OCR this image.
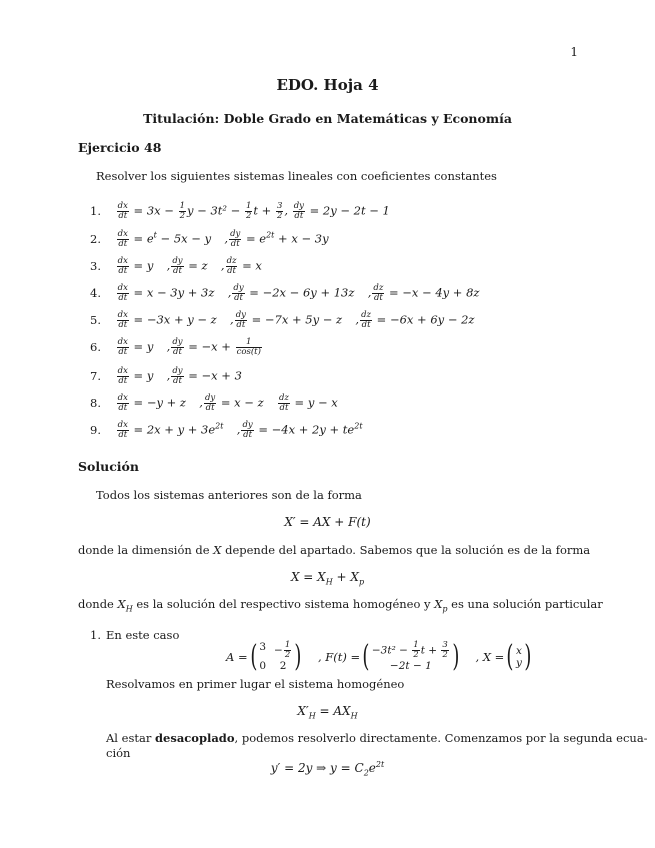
1
EDO. Hoja 4
Titulación: Doble Grado en Matemáticas y Economía
Ejercicio 48
Resolver los siguientes sistemas lineales con coeficientes constantes
1. $\frac{dx}{dt} = 3x - \frac{1}{2}$ $y - 3t^2 - \frac{1}{2}$ $t + \frac{3}{2}$ , $\frac{dy}{dt} = 2y - 2t - 1$
2. $\frac{dx}{dt} = e^t - 5x - y$  , $\frac{dy}{dt} = e^{2t} + x - 3y$
3. $\frac{dx}{dt} = y$  , $\frac{dy}{dt} = z$  , $\frac{dz}{dt} = x$
4. $\frac{dx}{dt} = x - 3y + 3z$  , $\frac{dy}{dt} = -2x - 6y + 13z$  , $\frac{dz}{dt} = -x - 4y + 8z$
5. $\frac{dx}{dt} = -3x + y - z$  , $\frac{dy}{dt} = -7x + 5y - z$  , $\frac{dz}{dt} = -6x + 6y - 2z$
6. $\frac{dx}{dt} = y$  , $\frac{dy}{dt} = -x + \frac{1}{\cos(t)}$
7. $\frac{dx}{dt} = y$  , $\frac{dy}{dt} = -x + 3$
8. $\frac{dx}{dt} = -y + z$  , $\frac{dy}{dt} = x - z \frac{dz}{dt} = y - x$
9. $\frac{dx}{dt} = 2x + y + 3e^{2t}$  , $\frac{dy}{dt} = -4x + 2y + te^{2t}$
Solución
Todos los sistemas anteriores son de la forma
X′ = AX + F(t)
donde la dimensión de X depende del apartado. Sabemos que la solución es de la forma
$X = X_H + X_p$
donde $X_H$ es la solución del respectivo sistema homogéneo y $X_p$ es una solución particular
1. En este caso
A = ( $3 - \frac{1}{2}$
0	2 ) , F(t) = ( $-3t^2 - \frac{1}{2}$ $t + \frac{3}{2}$
−2t − 1 ) , X = ( x
y )
Resolvamos en primer lugar el sistema homogéneo
$X'_H = AX_H$
Al estar desacoplado, podemos resolverlo directamente. Comenzamos por la segunda ecua-
ción
y′ = 2y ⇒ $y = C_2e^{2t}$
